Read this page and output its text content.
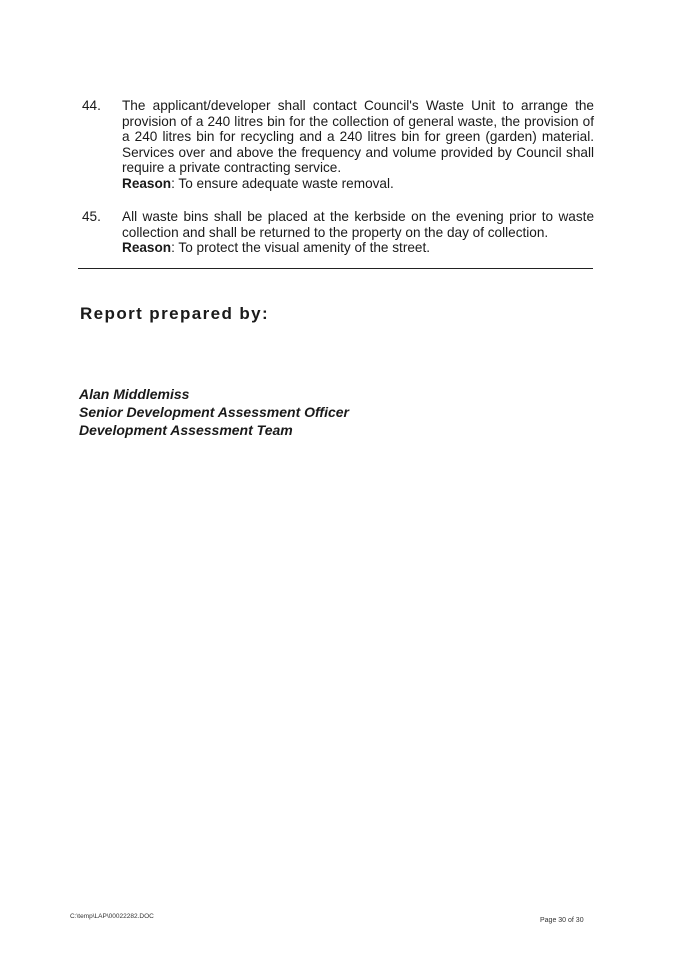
44.	The applicant/developer shall contact Council's Waste Unit to arrange the provision of a 240 litres bin for the collection of general waste, the provision of a 240 litres bin for recycling and a 240 litres bin for green (garden) material. Services over and above the frequency and volume provided by Council shall require a private contracting service.

Reason: To ensure adequate waste removal.

45.	All waste bins shall be placed at the kerbside on the evening prior to waste collection and shall be returned to the property on the day of collection.

Reason: To protect the visual amenity of the street.

Report prepared by:
Alan Middlemiss
Senior Development Assessment Officer
Development Assessment Team
C:\temp\LAP\00022282.DOC
Page 30 of 30
